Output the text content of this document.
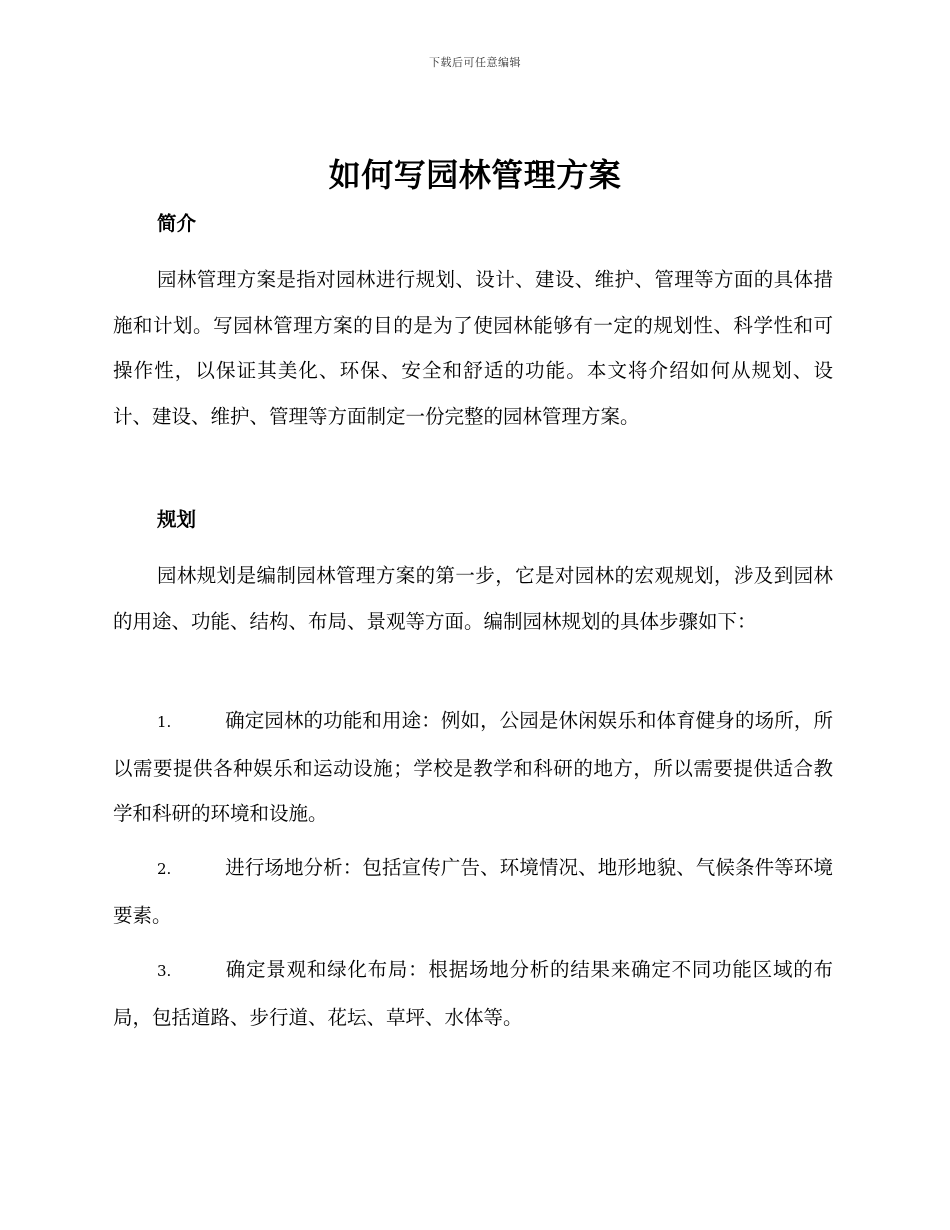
下载后可任意编辑
如何写园林管理方案
简介
园林管理方案是指对园林进行规划、设计、建设、维护、管理等方面的具体措施和计划。写园林管理方案的目的是为了使园林能够有一定的规划性、科学性和可操作性，以保证其美化、环保、安全和舒适的功能。本文将介绍如何从规划、设计、建设、维护、管理等方面制定一份完整的园林管理方案。
规划
园林规划是编制园林管理方案的第一步，它是对园林的宏观规划，涉及到园林的用途、功能、结构、布局、景观等方面。编制园林规划的具体步骤如下：
1.	确定园林的功能和用途：例如，公园是休闲娱乐和体育健身的场所，所以需要提供各种娱乐和运动设施；学校是教学和科研的地方，所以需要提供适合教学和科研的环境和设施。
2.	进行场地分析：包括宣传广告、环境情况、地形地貌、气候条件等环境要素。
3.	确定景观和绿化布局：根据场地分析的结果来确定不同功能区域的布局，包括道路、步行道、花坛、草坪、水体等。
